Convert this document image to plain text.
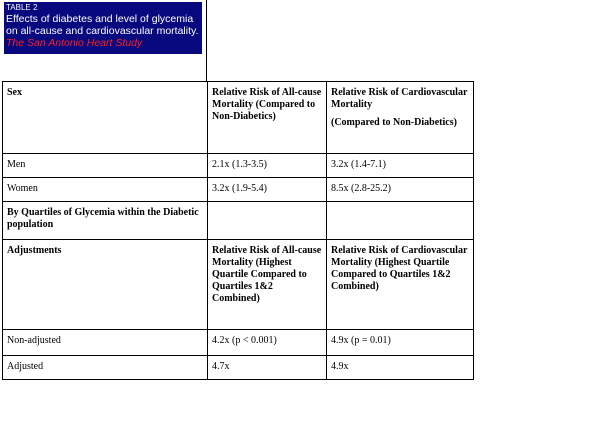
TABLE 2
Effects of diabetes and level of glycemia on all-cause and cardiovascular mortality. The San Antonio Heart Study
Sex	Relative Risk of All-cause Mortality (Compared to Non-Diabetics)	Relative Risk of Cardiovascular Mortality
(Compared to Non-Diabetics)
Men	2.1x (1.3-3.5)	3.2x (1.4-7.1)
Women	3.2x (1.9-5.4)	8.5x (2.8-25.2)
By Quartiles of Glycemia within the Diabetic population		
Adjustments	Relative Risk of All-cause Mortality (Highest Quartile Compared to Quartiles 1&2 Combined)	Relative Risk of Cardiovascular Mortality (Highest Quartile Compared to Quartiles 1&2 Combined)
Non-adjusted	4.2x (p < 0.001)	4.9x (p = 0.01)
Adjusted	4.7x	4.9x
